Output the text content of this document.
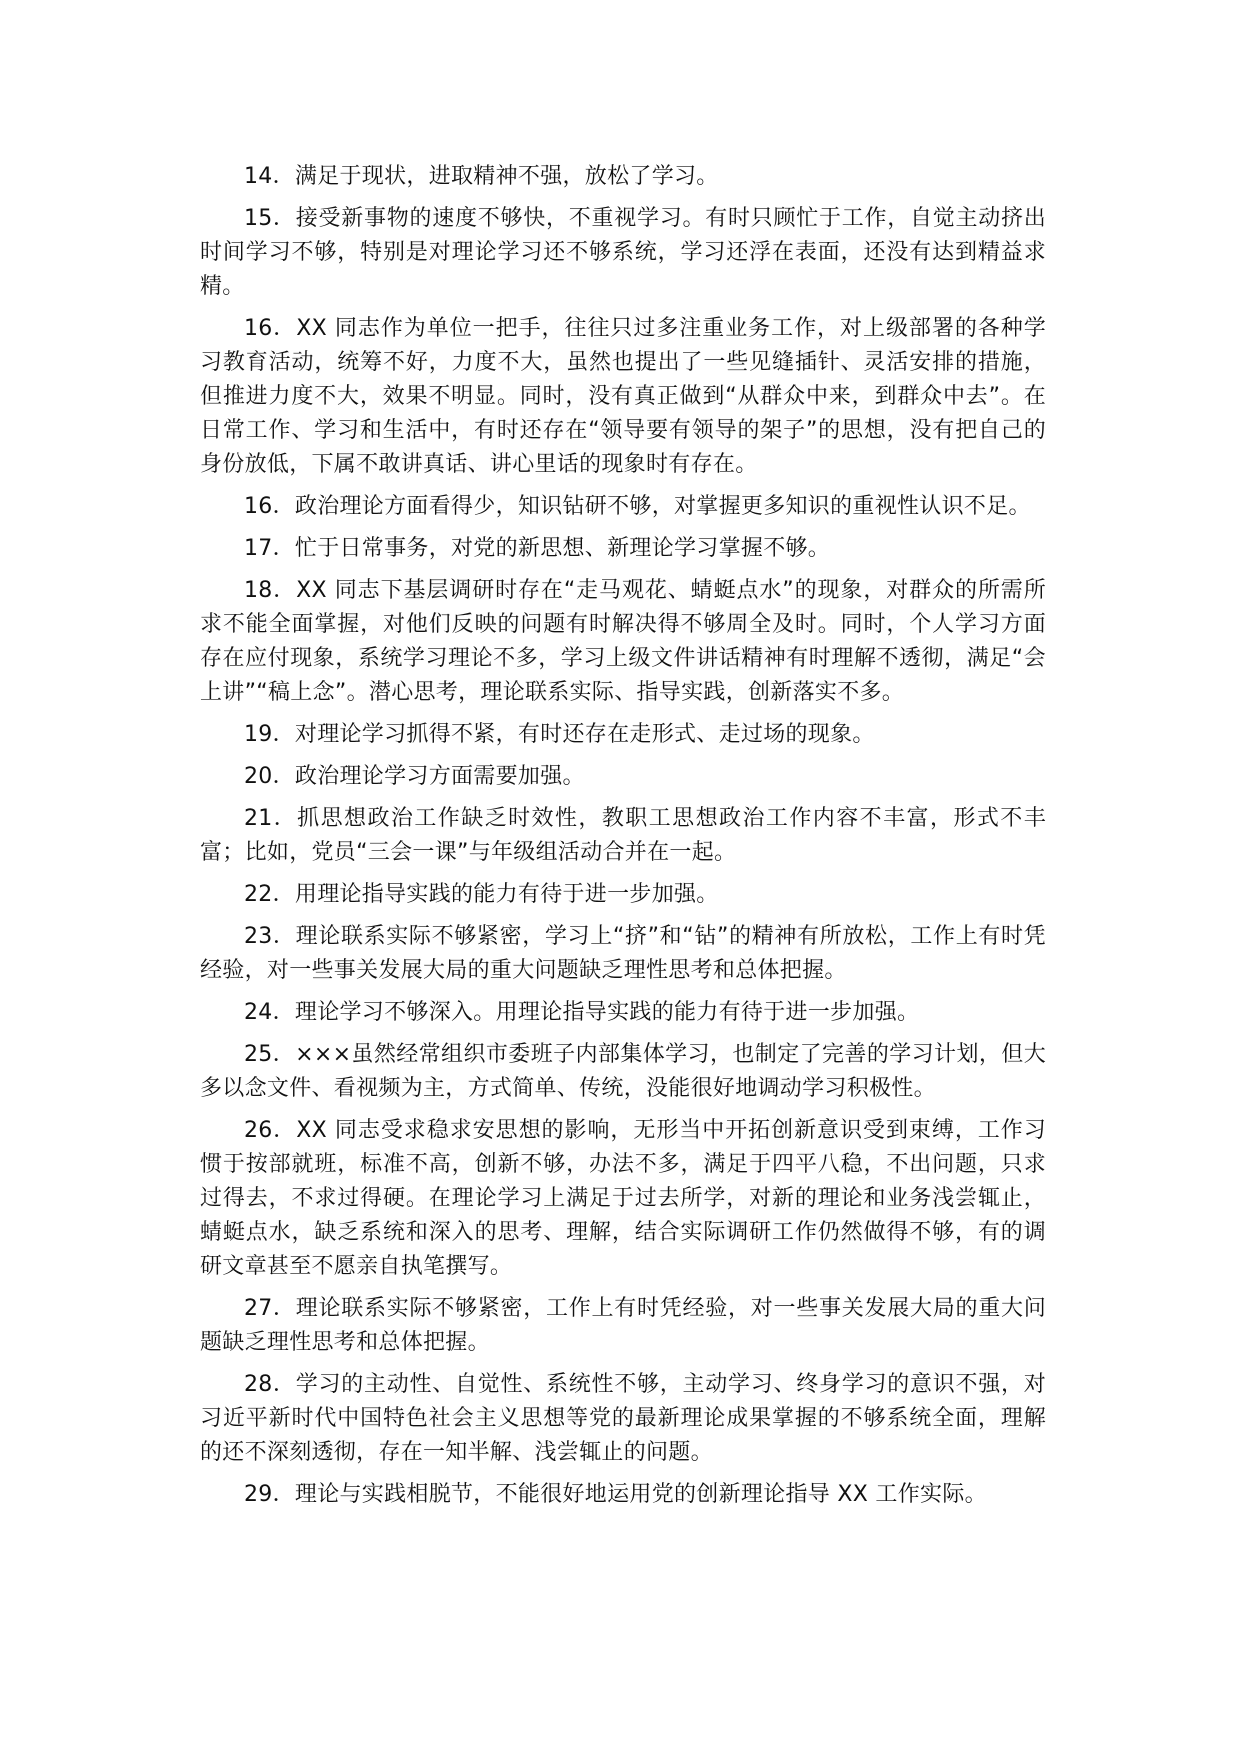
14．满足于现状，进取精神不强，放松了学习。

15．接受新事物的速度不够快，不重视学习。有时只顾忙于工作，自觉主动挤出时间学习不够，特别是对理论学习还不够系统，学习还浮在表面，还没有达到精益求精。

16．XX 同志作为单位一把手，往往只过多注重业务工作，对上级部署的各种学习教育活动，统筹不好，力度不大，虽然也提出了一些见缝插针、灵活安排的措施，但推进力度不大，效果不明显。同时，没有真正做到“从群众中来，到群众中去”。在日常工作、学习和生活中，有时还存在“领导要有领导的架子”的思想，没有把自己的身份放低，下属不敢讲真话、讲心里话的现象时有存在。

16．政治理论方面看得少，知识钻研不够，对掌握更多知识的重视性认识不足。

17．忙于日常事务，对党的新思想、新理论学习掌握不够。

18．XX 同志下基层调研时存在“走马观花、蜻蜓点水”的现象，对群众的所需所求不能全面掌握，对他们反映的问题有时解决得不够周全及时。同时，个人学习方面存在应付现象，系统学习理论不多，学习上级文件讲话精神有时理解不透彻，满足“会上讲”“稿上念”。潜心思考，理论联系实际、指导实践，创新落实不多。

19．对理论学习抓得不紧，有时还存在走形式、走过场的现象。

20．政治理论学习方面需要加强。

21．抓思想政治工作缺乏时效性，教职工思想政治工作内容不丰富，形式不丰富；比如，党员“三会一课”与年级组活动合并在一起。

22．用理论指导实践的能力有待于进一步加强。

23．理论联系实际不够紧密，学习上“挤”和“钻”的精神有所放松，工作上有时凭经验，对一些事关发展大局的重大问题缺乏理性思考和总体把握。

24．理论学习不够深入。用理论指导实践的能力有待于进一步加强。

25．×××虽然经常组织市委班子内部集体学习，也制定了完善的学习计划，但大多以念文件、看视频为主，方式简单、传统，没能很好地调动学习积极性。

26．XX 同志受求稳求安思想的影响，无形当中开拓创新意识受到束缚，工作习惯于按部就班，标准不高，创新不够，办法不多，满足于四平八稳，不出问题，只求过得去，不求过得硬。在理论学习上满足于过去所学，对新的理论和业务浅尝辄止，蜻蜓点水，缺乏系统和深入的思考、理解，结合实际调研工作仍然做得不够，有的调研文章甚至不愿亲自执笔撰写。

27．理论联系实际不够紧密，工作上有时凭经验，对一些事关发展大局的重大问题缺乏理性思考和总体把握。

28．学习的主动性、自觉性、系统性不够，主动学习、终身学习的意识不强，对习近平新时代中国特色社会主义思想等党的最新理论成果掌握的不够系统全面，理解的还不深刻透彻，存在一知半解、浅尝辄止的问题。

29．理论与实践相脱节，不能很好地运用党的创新理论指导 XX 工作实际。
